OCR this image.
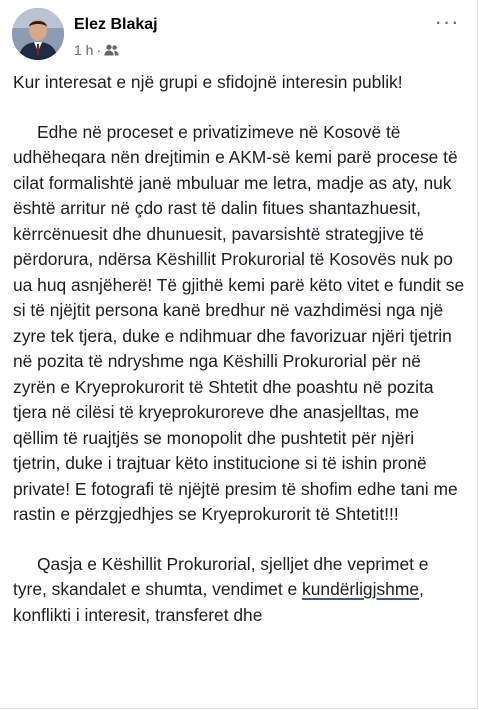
Elez Blakaj
1 h ·
···

Kur interesat e një grupi e sfidojnë interesin publik!

Edhe në proceset e privatizimeve në Kosovë të udhëheqara nën drejtimin e AKM-së kemi parë procese të cilat formalishtë janë mbuluar me letra, madje as aty, nuk është arritur në çdo rast të dalin fitues shantazhuesit, kërrcënuesit dhe dhunuesit, pavarsishtë strategjive të përdorura, ndërsa Këshillit Prokurorial të Kosovës nuk po ua huq asnjëherë! Të gjithë kemi parë këto vitet e fundit se si të njëjtit persona kanë bredhur në vazhdimësi nga një zyre tek tjera, duke e ndihmuar dhe favorizuar njëri tjetrin në pozita të ndryshme nga Këshilli Prokurorial për në zyrën e Kryeprokurorit të Shtetit dhe poashtu në pozita tjera në cilësi të kryeprokuroreve dhe anasjelltas, me qëllim të ruajtjës se monopolit dhe pushtetit për njëri tjetrin, duke i trajtuar këto institucione si të ishin pronë private! E fotografi të njëjtë presim të shofim edhe tani me rastin e përzgjedhjes se Kryeprokurorit të Shtetit!!!

Qasja e Këshillit Prokurorial, sjelljet dhe veprimet e tyre, skandalet e shumta, vendimet e kundërligjshme, konflikti i interesit, transferet dhe
